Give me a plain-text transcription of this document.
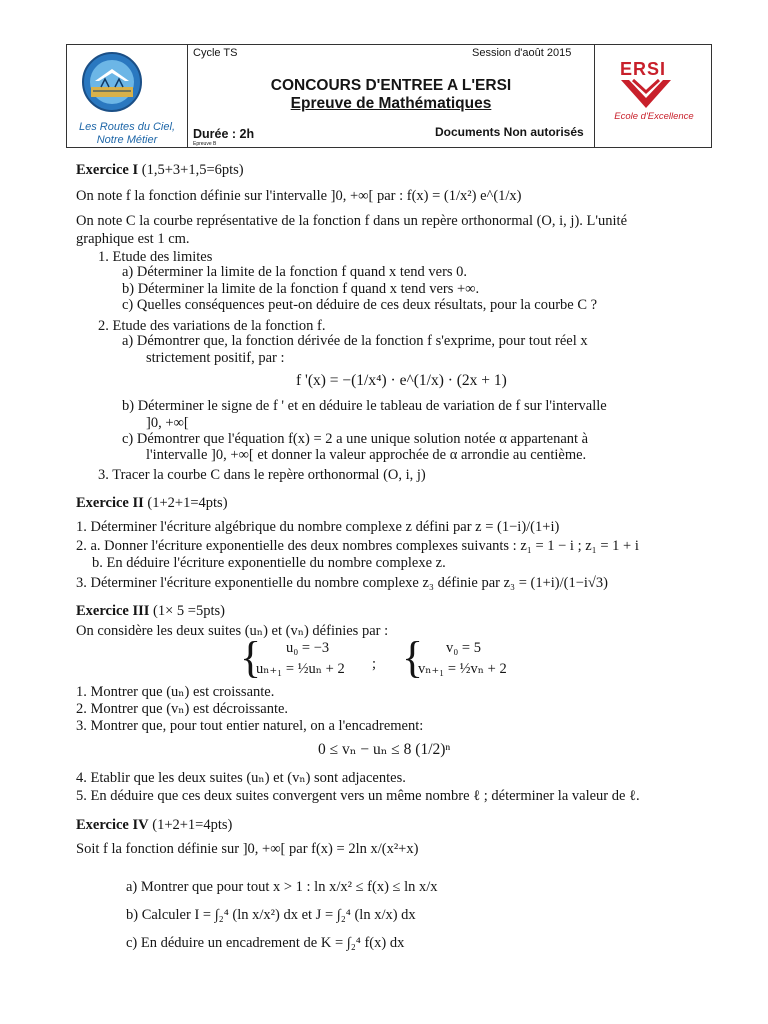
Les Routes du Ciel,
Notre Métier
Cycle TS	Session d'août 2015
CONCOURS D'ENTREE A L'ERSI
Epreuve de Mathématiques
Durée : 2h
Epreuve B
Documents Non autorisés
ERSI
Ecole d'Excellence
Exercice I (1,5+3+1,5=6pts)
On note f la fonction définie sur l'intervalle ]0, +∞[ par : f(x) = (1/x²) e^(1/x)
On note C la courbe représentative de la fonction f dans un repère orthonormal (O, i, j). L'unité
graphique est 1 cm.
1. Etude des limites
a) Déterminer la limite de la fonction f quand x tend vers 0.
b) Déterminer la limite de la fonction f quand x tend vers +∞.
c) Quelles conséquences peut-on déduire de ces deux résultats, pour la courbe C ?
2. Etude des variations de la fonction f.
a) Démontrer que, la fonction dérivée de la fonction f s'exprime, pour tout réel x
strictement positif, par :
f '(x) = −(1/x⁴) · e^(1/x) · (2x + 1)
b) Déterminer le signe de f ' et en déduire le tableau de variation de f sur l'intervalle
]0, +∞[
c) Démontrer que l'équation f(x) = 2 a une unique solution notée α appartenant à
l'intervalle ]0, +∞[ et donner la valeur approchée de α arrondie au centième.
3. Tracer la courbe C dans le repère orthonormal (O, i, j)
Exercice II (1+2+1=4pts)
1. Déterminer l'écriture algébrique du nombre complexe z défini par z = (1−i)/(1+i)
2. a. Donner l'écriture exponentielle des deux nombres complexes suivants : z₁ = 1 − i ; z₁ = 1 + i
b. En déduire l'écriture exponentielle du nombre complexe z.
3. Déterminer l'écriture exponentielle du nombre complexe z₃ définie par z₃ = (1+i)/(1−i√3)
Exercice III (1× 5 =5pts)
On considère les deux suites (uₙ) et (vₙ) définies par :
{ u₀ = −3
uₙ₊₁ = ½uₙ + 2 ; { v₀ = 5
vₙ₊₁ = ½vₙ + 2
1. Montrer que (uₙ) est croissante.
2. Montrer que (vₙ) est décroissante.
3. Montrer que, pour tout entier naturel, on a l'encadrement:
0 ≤ vₙ − uₙ ≤ 8 (1/2)ⁿ
4. Etablir que les deux suites (uₙ) et (vₙ) sont adjacentes.
5. En déduire que ces deux suites convergent vers un même nombre ℓ ; déterminer la valeur de ℓ.
Exercice IV (1+2+1=4pts)
Soit f la fonction définie sur ]0, +∞[ par f(x) = 2ln x/(x²+x)
a) Montrer que pour tout x > 1 : ln x/x² ≤ f(x) ≤ ln x/x
b) Calculer I = ∫₂⁴ (ln x/x²) dx et J = ∫₂⁴ (ln x/x) dx
c) En déduire un encadrement de K = ∫₂⁴ f(x) dx
